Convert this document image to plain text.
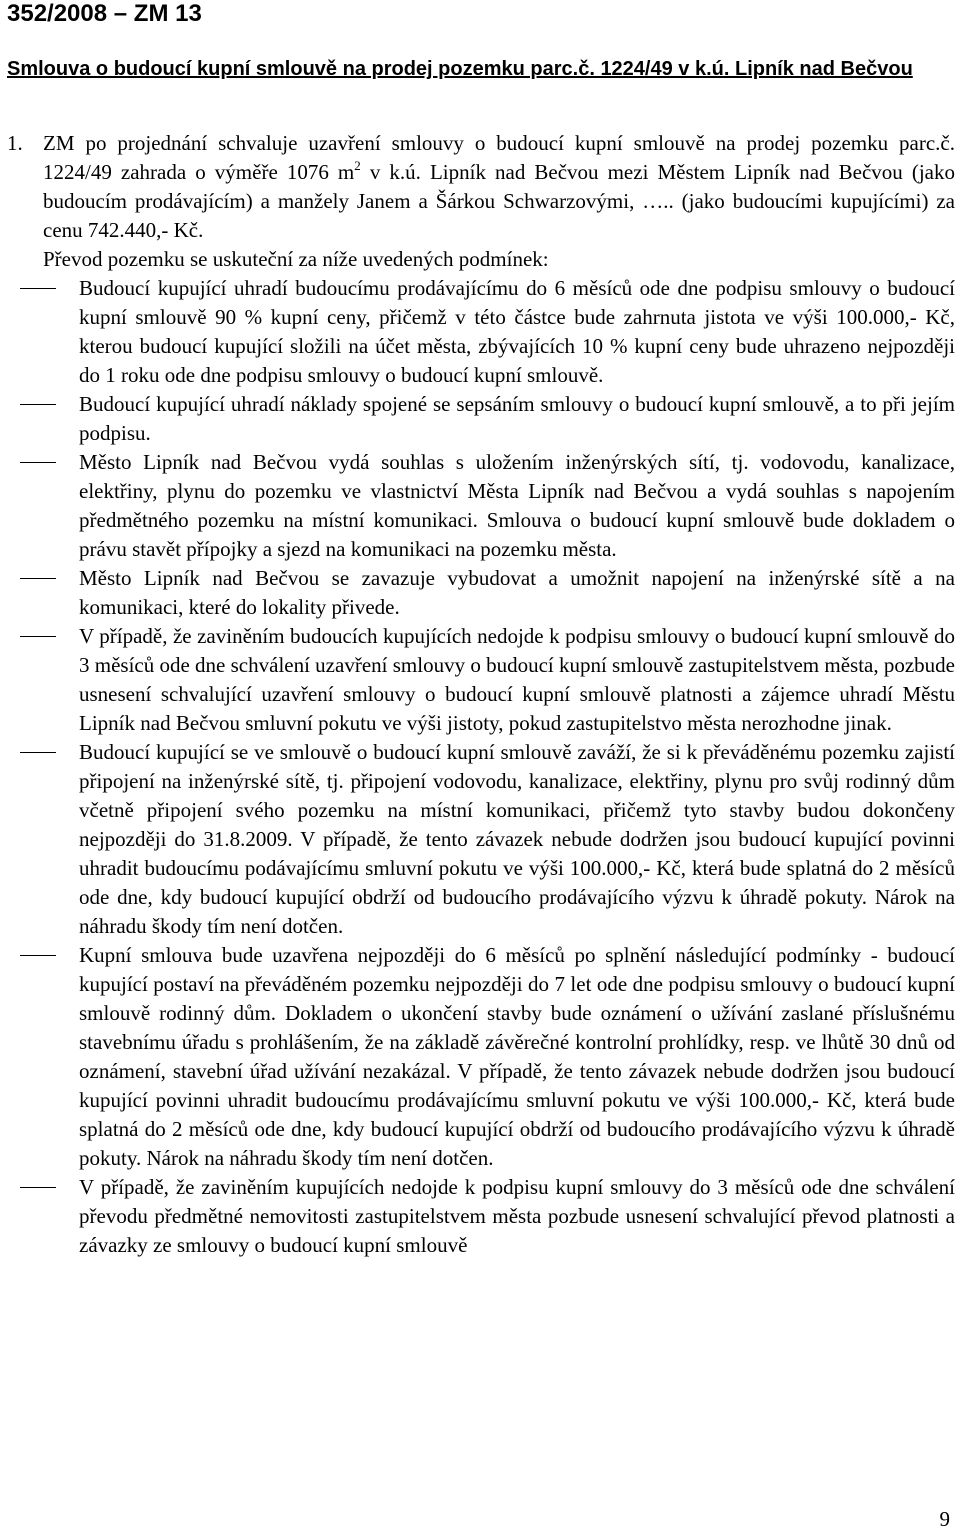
352/2008 – ZM 13
Smlouva o budoucí kupní smlouvě na prodej pozemku parc.č. 1224/49 v k.ú. Lipník nad Bečvou

1. ZM po projednání schvaluje uzavření smlouvy o budoucí kupní smlouvě na prodej pozemku parc.č. 1224/49 zahrada o výměře 1076 $m^2$ v k.ú. Lipník nad Bečvou mezi Městem Lipník nad Bečvou (jako budoucím prodávajícím) a manžely Janem a Šárkou Schwarzovými, ….. (jako budoucími kupujícími) za cenu 742.440,- Kč.

Převod pozemku se uskuteční za níže uvedených podmínek:

Budoucí kupující uhradí budoucímu prodávajícímu do 6 měsíců ode dne podpisu smlouvy o budoucí kupní smlouvě 90 % kupní ceny, přičemž v této částce bude zahrnuta jistota ve výši 100.000,- Kč, kterou budoucí kupující složili na účet města, zbývajících 10 % kupní ceny bude uhrazeno nejpozději do 1 roku ode dne podpisu smlouvy o budoucí kupní smlouvě.
Budoucí kupující uhradí náklady spojené se sepsáním smlouvy o budoucí kupní smlouvě, a to při jejím podpisu.
Město Lipník nad Bečvou vydá souhlas s uložením inženýrských sítí, tj. vodovodu, kanalizace, elektřiny, plynu do pozemku ve vlastnictví Města Lipník nad Bečvou a vydá souhlas s napojením předmětného pozemku na místní komunikaci. Smlouva o budoucí kupní smlouvě bude dokladem o právu stavět přípojky a sjezd na komunikaci na pozemku města.
Město Lipník nad Bečvou se zavazuje vybudovat a umožnit napojení na inženýrské sítě a na komunikaci, které do lokality přivede.
V případě, že zaviněním budoucích kupujících nedojde k podpisu smlouvy o budoucí kupní smlouvě do 3 měsíců ode dne schválení uzavření smlouvy o budoucí kupní smlouvě zastupitelstvem města, pozbude usnesení schvalující uzavření smlouvy o budoucí kupní smlouvě platnosti a zájemce uhradí Městu Lipník nad Bečvou smluvní pokutu ve výši jistoty, pokud zastupitelstvo města nerozhodne jinak.
Budoucí kupující se ve smlouvě o budoucí kupní smlouvě zaváží, že si k převáděnému pozemku zajistí připojení na inženýrské sítě, tj. připojení vodovodu, kanalizace, elektřiny, plynu pro svůj rodinný dům včetně připojení svého pozemku na místní komunikaci, přičemž tyto stavby budou dokončeny nejpozději do 31.8.2009. V případě, že tento závazek nebude dodržen jsou budoucí kupující povinni uhradit budoucímu podávajícímu smluvní pokutu ve výši 100.000,- Kč, která bude splatná do 2 měsíců ode dne, kdy budoucí kupující obdrží od budoucího prodávajícího výzvu k úhradě pokuty. Nárok na náhradu škody tím není dotčen.
Kupní smlouva bude uzavřena nejpozději do 6 měsíců po splnění následující podmínky - budoucí kupující postaví na převáděném pozemku nejpozději do 7 let ode dne podpisu smlouvy o budoucí kupní smlouvě rodinný dům. Dokladem o ukončení stavby bude oznámení o užívání zaslané příslušnému stavebnímu úřadu s prohlášením, že na základě závěrečné kontrolní prohlídky, resp. ve lhůtě 30 dnů od oznámení, stavební úřad užívání nezakázal. V případě, že tento závazek nebude dodržen jsou budoucí kupující povinni uhradit budoucímu prodávajícímu smluvní pokutu ve výši 100.000,- Kč, která bude splatná do 2 měsíců ode dne, kdy budoucí kupující obdrží od budoucího prodávajícího výzvu k úhradě pokuty. Nárok na náhradu škody tím není dotčen.
V případě, že zaviněním kupujících nedojde k podpisu kupní smlouvy do 3 měsíců ode dne schválení převodu předmětné nemovitosti zastupitelstvem města pozbude usnesení schvalující převod platnosti a závazky ze smlouvy o budoucí kupní smlouvě

9
